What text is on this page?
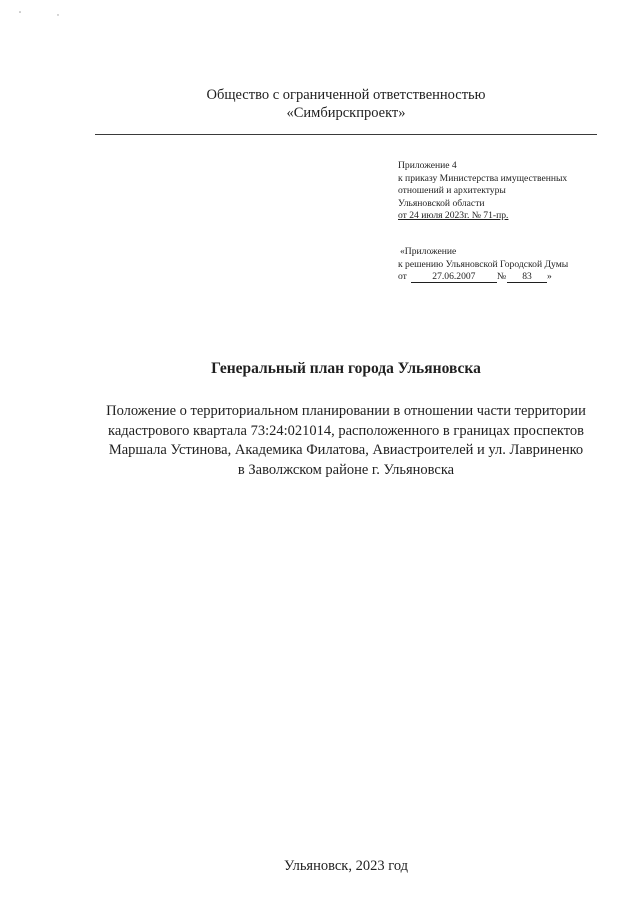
Общество с ограниченной ответственностью
«Симбирскпроект»
Приложение 4
к приказу Министерства имущественных
отношений и архитектуры
Ульяновской области
от 24 июля 2023г. № 71-пр.
«Приложение
к решению Ульяновской Городской Думы
от	27.06.2007 № 83 »
Генеральный план города Ульяновска
Положение о территориальном планировании в отношении части территории
кадастрового квартала 73:24:021014, расположенного в границах проспектов
Маршала Устинова, Академика Филатова, Авиастроителей и ул. Лавриненко
в Заволжском районе г. Ульяновска
Ульяновск, 2023 год
